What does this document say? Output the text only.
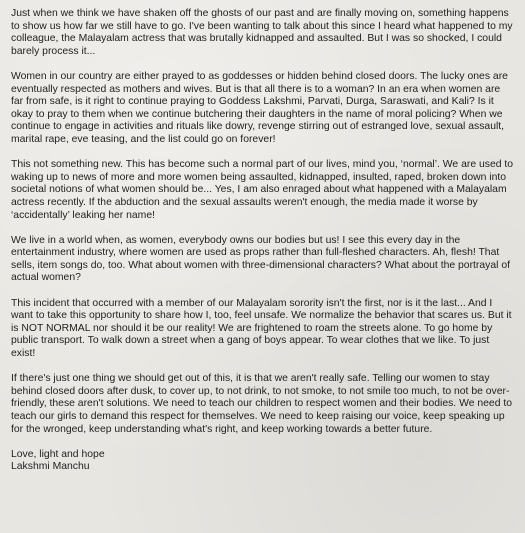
Just when we think we have shaken off the ghosts of our past and are finally moving on, something happens to show us how far we still have to go. I've been wanting to talk about this since I heard what happened to my colleague, the Malayalam actress that was brutally kidnapped and assaulted. But I was so shocked, I could barely process it...

Women in our country are either prayed to as goddesses or hidden behind closed doors. The lucky ones are eventually respected as mothers and wives. But is that all there is to a woman? In an era when women are far from safe, is it right to continue praying to Goddess Lakshmi, Parvati, Durga, Saraswati, and Kali? Is it okay to pray to them when we continue butchering their daughters in the name of moral policing? When we continue to engage in activities and rituals like dowry, revenge stirring out of estranged love, sexual assault, marital rape, eve teasing, and the list could go on forever!

This not something new. This has become such a normal part of our lives, mind you, ‘normal’. We are used to waking up to news of more and more women being assaulted, kidnapped, insulted, raped, broken down into societal notions of what women should be... Yes, I am also enraged about what happened with a Malayalam actress recently. If the abduction and the sexual assaults weren't enough, the media made it worse by ‘accidentally’ leaking her name!

We live in a world when, as women, everybody owns our bodies but us! I see this every day in the entertainment industry, where women are used as props rather than full-fleshed characters. Ah, flesh! That sells, item songs do, too. What about women with three-dimensional characters? What about the portrayal of actual women?

This incident that occurred with a member of our Malayalam sorority isn't the first, nor is it the last... And I want to take this opportunity to share how I, too, feel unsafe. We normalize the behavior that scares us. But it is NOT NORMAL nor should it be our reality! We are frightened to roam the streets alone. To go home by public transport. To walk down a street when a gang of boys appear. To wear clothes that we like. To just exist!

If there's just one thing we should get out of this, it is that we aren't really safe. Telling our women to stay behind closed doors after dusk, to cover up, to not drink, to not smoke, to not smile too much, to not be over-friendly, these aren't solutions. We need to teach our children to respect women and their bodies. We need to teach our girls to demand this respect for themselves. We need to keep raising our voice, keep speaking up for the wronged, keep understanding what's right, and keep working towards a better future.

Love, light and hope
Lakshmi Manchu
